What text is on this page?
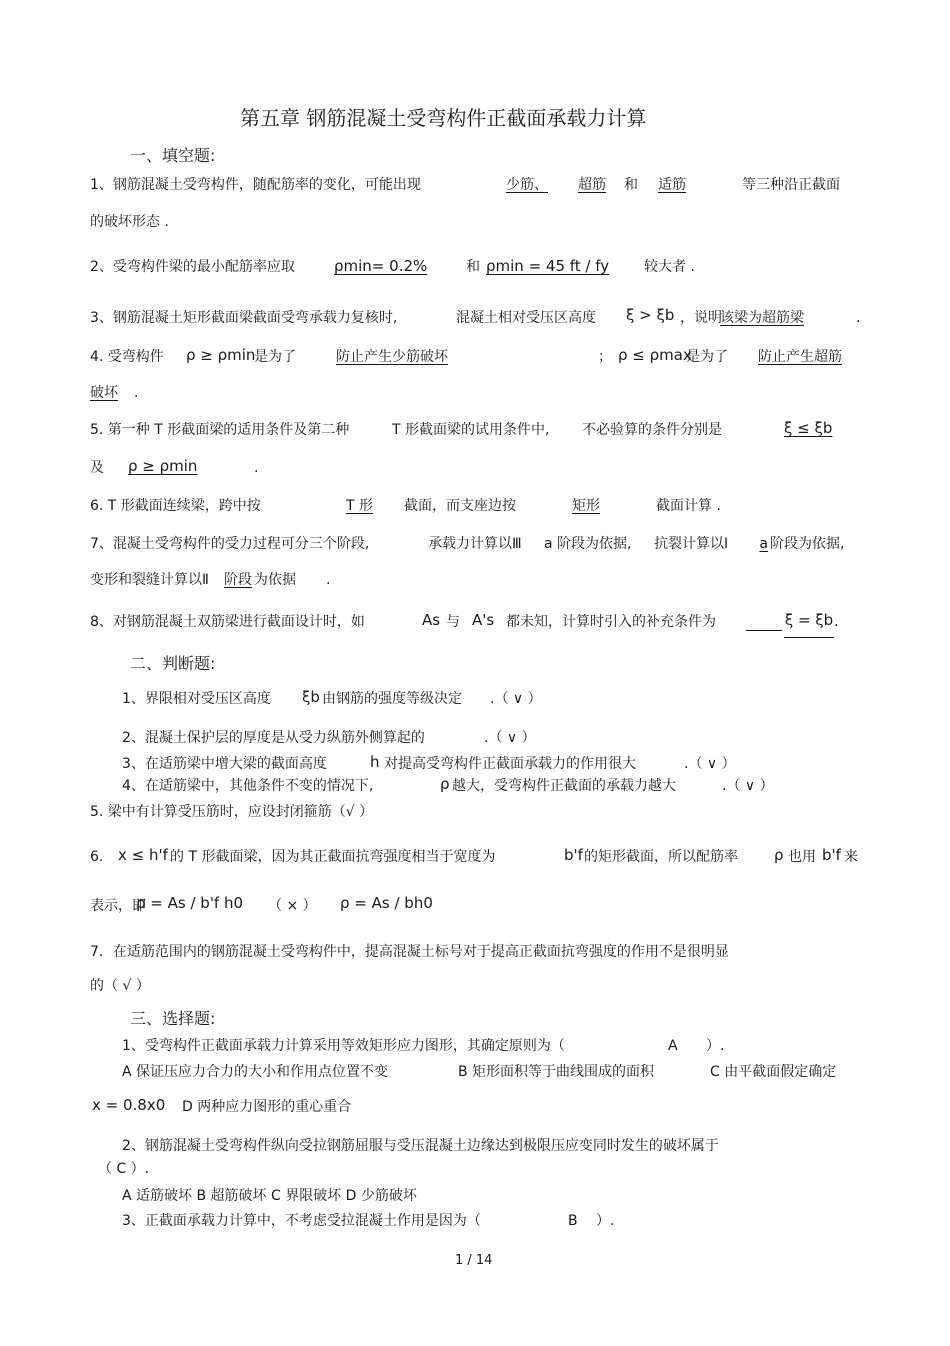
第五章 钢筋混凝土受弯构件正截面承载力计算
一、填空题:
1、钢筋混凝土受弯构件，随配筋率的变化，可能出现	少筋、	超筋	和	适筋	等三种沿正截面
的破坏形态 .
2、受弯构件梁的最小配筋率应取	ρmin= 0.2%	和 ρmin = 45 ft / fy 较大者 .
3、钢筋混凝土矩形截面梁截面受弯承载力复核时,	混凝土相对受压区高度 ξ > ξb ，说明
该梁为超筋梁	.
4. 受弯构件 ρ ≥ ρmin
是为了	防止产生少筋破坏	； ρ ≤ ρmax
是为了	防止产生超筋
破坏 .
5. 第一种 T 形截面梁的适用条件及第二种	T 形截面梁的试用条件中, 不必验算的条件分别是	ξ ≤ ξb
及	ρ ≥ ρmin	.
6. T 形截面连续梁，跨中按	T 形	截面，而支座边按	矩形	截面计算 .
7、混凝土受弯构件的受力过程可分三个阶段,	承载力计算以Ⅲ a 阶段为依据, 抗裂计算以Ⅰ	a 阶段为依据,
变形和裂缝计算以Ⅱ 阶段 为依据 .
8、对钢筋混凝土双筋梁进行截面设计时，如	As 与 A's 都未知，计算时引入的补充条件为	ξ = ξb .
二、判断题:
1、界限相对受压区高度 ξb 由钢筋的强度等级决定 .（ ∨ ）
2、混凝土保护层的厚度是从受力纵筋外侧算起的	.（ ∨ ）
3、在适筋梁中增大梁的截面高度	h 对提高受弯构件正截面承载力的作用很大	.（ ∨ ）
4、在适筋梁中，其他条件不变的情况下,	ρ 越大，受弯构件正截面的承载力越大	.（ ∨ ）
5. 梁中有计算受压筋时，应设封闭箍筋（√ ）
6. x ≤ h'f 的 T 形截面梁，因为其正截面抗弯强度相当于宽度为	b'f 的矩形截面，所以配筋率 ρ 也用 b'f 来
表示，即
ρ = As / b'f h0 （ × ） ρ = As / bh0
7．在适筋范围内的钢筋混凝土受弯构件中，提高混凝土标号对于提高正截面抗弯强度的作用不是很明显
的（ √ ）
三、选择题:
1、受弯构件正截面承载力计算采用等效矩形应力图形，其确定原则为（	A ）.
A 保证压应力合力的大小和作用点位置不变	B 矩形面积等于曲线围成的面积	C 由平截面假定确定
x = 0.8x0 D 两种应力图形的重心重合
2、钢筋混凝土受弯构件纵向受拉钢筋屈服与受压混凝土边缘达到极限压应变同时发生的破坏属于
（ C ）.
A 适筋破坏 B 超筋破坏 C 界限破坏 D 少筋破坏
3、正截面承载力计算中，不考虑受拉混凝土作用是因为（	B ）.
1 / 14
